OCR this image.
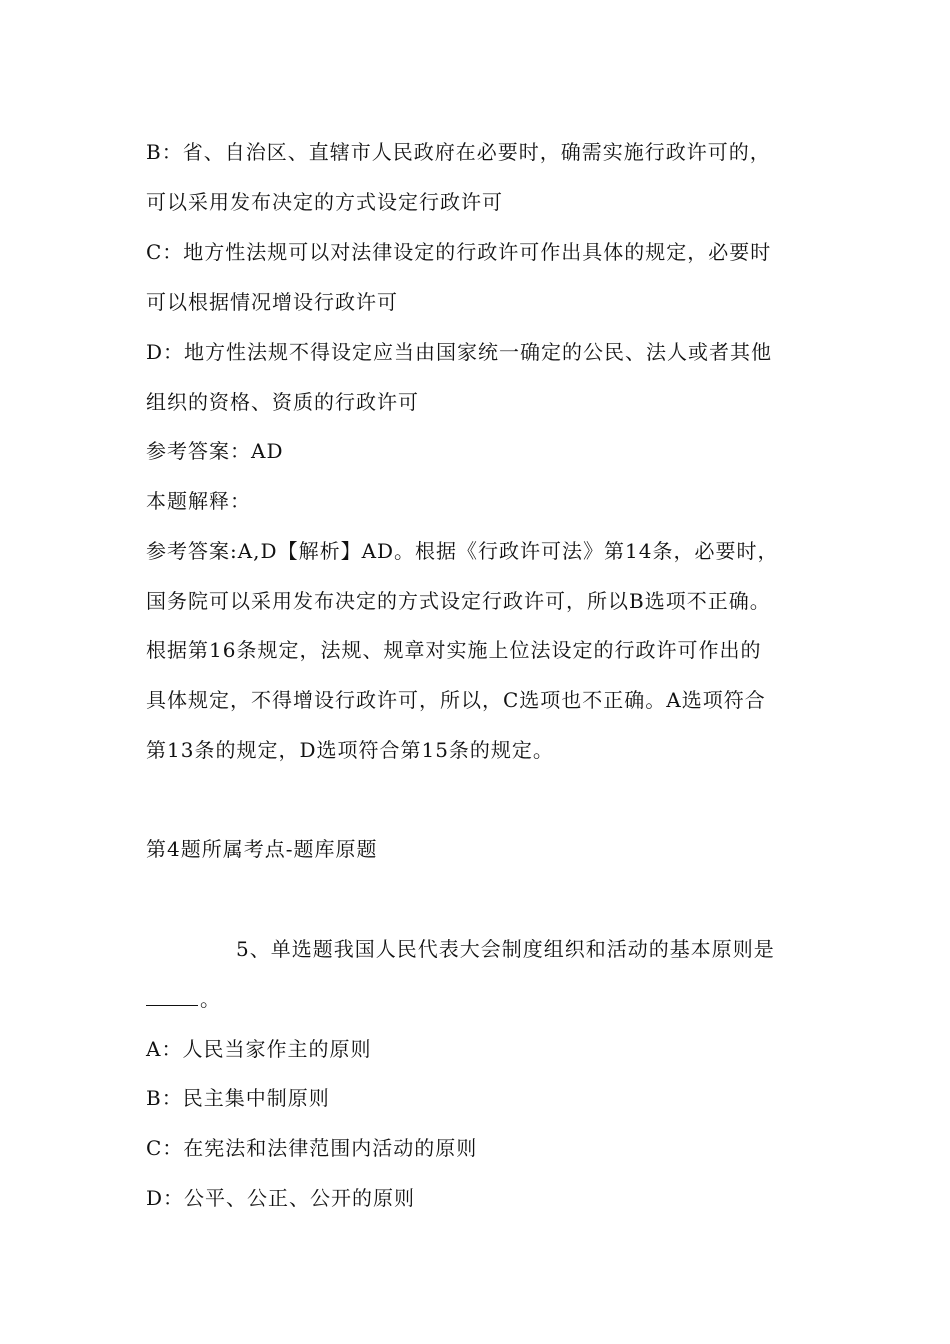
B：省、自治区、直辖市人民政府在必要时，确需实施行政许可的，
可以采用发布决定的方式设定行政许可
C：地方性法规可以对法律设定的行政许可作出具体的规定，必要时
可以根据情况增设行政许可
D：地方性法规不得设定应当由国家统一确定的公民、法人或者其他
组织的资格、资质的行政许可
参考答案：AD
本题解释：
参考答案:A,D【解析】AD。根据《行政许可法》第14条，必要时，
国务院可以采用发布决定的方式设定行政许可，所以B选项不正确。
根据第16条规定，法规、规章对实施上位法设定的行政许可作出的
具体规定，不得增设行政许可，所以，C选项也不正确。A选项符合
第13条的规定，D选项符合第15条的规定。
第4题所属考点-题库原题
5、单选题我国人民代表大会制度组织和活动的基本原则是
。
A：人民当家作主的原则
B：民主集中制原则
C：在宪法和法律范围内活动的原则
D：公平、公正、公开的原则
